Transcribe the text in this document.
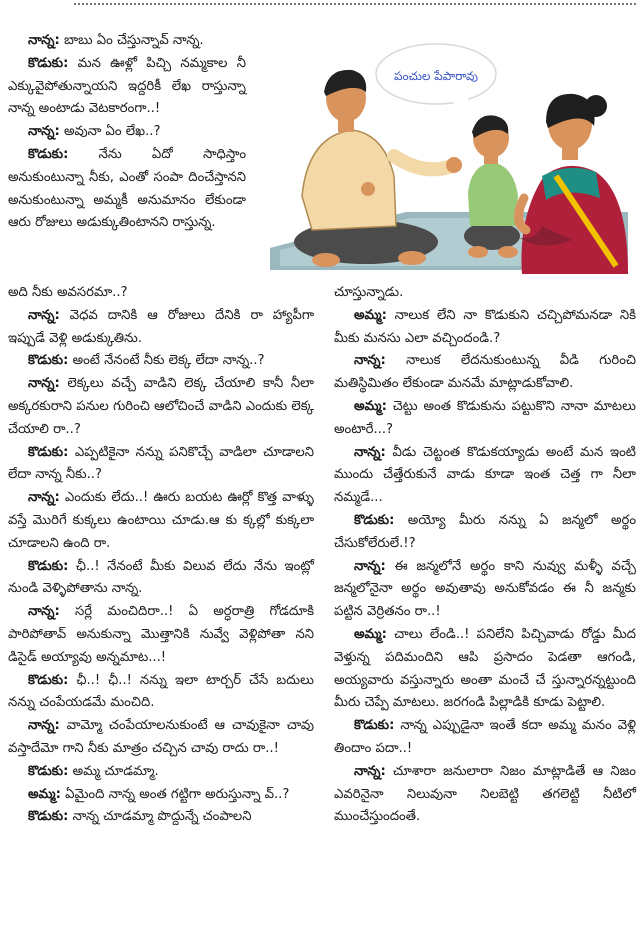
నాన్న: బాబు ఏం చేస్తున్నావ్ నాన్న.

కొడుకు: మన ఊళ్లో పిచ్చి నమ్మకాల నీ ఎక్కువైపోతున్నాయని ఇద్దరికీ లేఖ రాస్తున్నా నాన్న అంటాడు వెటకారంగా..!

నాన్న: అవునా ఏం లేఖ..?

కొడుకు: నేను ఏదో సాధిస్తాం అనుకుంటున్నా నీకు, ఎంతో సంపా దించేస్తానని అనుకుంటున్నా అమ్మకీ అనుమానం లేకుండా ఆరు రోజులు అడుక్కుతింటానని రాస్తున్న.

అది నీకు అవసరమా..?

నాన్న: వెధవ దానికి ఆ రోజులు దేనికి రా హ్యాపీగా ఇప్పుడే వెళ్లి అడుక్కుతిను.

కొడుకు: అంటే నేనంటే నీకు లెక్క లేదా నాన్న..?

నాన్న: లెక్కలు వచ్చే వాడిని లెక్క చేయాలి కానీ నీలా అక్కరకురాని పనుల గురించి ఆలోచించే వాడిని ఎందుకు లెక్క చేయాలి రా..?

కొడుకు: ఎప్పటికైనా నన్ను పనికొచ్చే వాడిలా చూడాలని లేదా నాన్న నీకు..?

నాన్న: ఎందుకు లేదు..! ఊరు బయట ఊర్లో కొత్త వాళ్ళు వస్తే మొరిగే కుక్కలు ఉంటాయి చూడు.ఆ కు క్కల్లో కుక్కలా చూడాలని ఉంది రా.

కొడుకు: ఛీ..! నేనంటే మీకు విలువ లేదు నేను ఇంట్లో నుండి వెళ్ళిపోతాను నాన్న.

నాన్న: సర్లే మంచిదిరా..! ఏ అర్ధరాత్రి గోడదూకి పారిపోతావ్ అనుకున్నా మొత్తానికి నువ్వే వెళ్లిపోతా నని డిసైడ్ అయ్యావు అన్నమాట...!

కొడుకు: ఛీ..! ఛీ..! నన్ను ఇలా టార్చర్ చేసే బదులు నన్ను చంపేయడమే మంచిది.

నాన్న: వామ్మో చంపేయాలనుకుంటే ఆ చావుకైనా చావు వస్తాదేమో గాని నీకు మాత్రం చచ్చిన చావు రాదు రా..!

కొడుకు: అమ్మ చూడమ్మా.

అమ్మ: ఏమైంది నాన్న అంత గట్టిగా అరుస్తున్నా వ్..?

కొడుకు: నాన్న చూడమ్మా పొద్దున్నే చంపాలని

చూస్తున్నాడు.

అమ్మ: నాలుక లేని నా కొడుకుని చచ్చిపోమనడా నికి మీకు మనసు ఎలా వచ్చిందండి.?

నాన్న: నాలుక లేదనుకుంటున్న వీడి గురించి మతిస్థిమితం లేకుండా మనమే మాట్లాడుకోవాలి.

అమ్మ: చెట్టు అంత కొడుకును పట్టుకొని నానా మాటలు అంటారే...?

నాన్న: వీడు చెట్టంత కొడుకయ్యాడు అంటే మన ఇంటి ముందు చేత్తేరుకునే వాడు కూడా ఇంత చెత్త గా నీలా నమ్మడే...

కొడుకు: అయ్యో మీరు నన్ను ఏ జన్మలో అర్థం చేసుకోలేరులే.!?

నాన్న: ఈ జన్మలోనే అర్థం కాని నువ్వు మళ్ళీ వచ్చే జన్మలోనైనా అర్థం అవుతావు అనుకోవడం ఈ నీ జన్మకు పట్టిన వెర్రితనం రా..!

అమ్మ: చాలు లేండి..! పనిలేని పిచ్చివాడు రోడ్డు మీద వెళ్తున్న పదిమందిని ఆపి ప్రసాదం పెడతా ఆగండి, అయ్యవారు వస్తున్నారు అంతా మంచే చే స్తున్నారన్నట్టుంది మీరు చెప్పే మాటలు. జరగండి పిల్లాడికి కూడు పెట్టాలి.

కొడుకు: నాన్న ఎప్పుడైనా ఇంతే కదా అమ్మ మనం వెళ్లి తిందాం పదా..!

నాన్న: చూశారా జనులారా నిజం మాట్లాడితే ఆ నిజం ఎవరినైనా నిలువునా నిలబెట్టి తగలెట్టి నీటిలో ముంచేస్తుందంతే.

పంచుల పేపారావు
